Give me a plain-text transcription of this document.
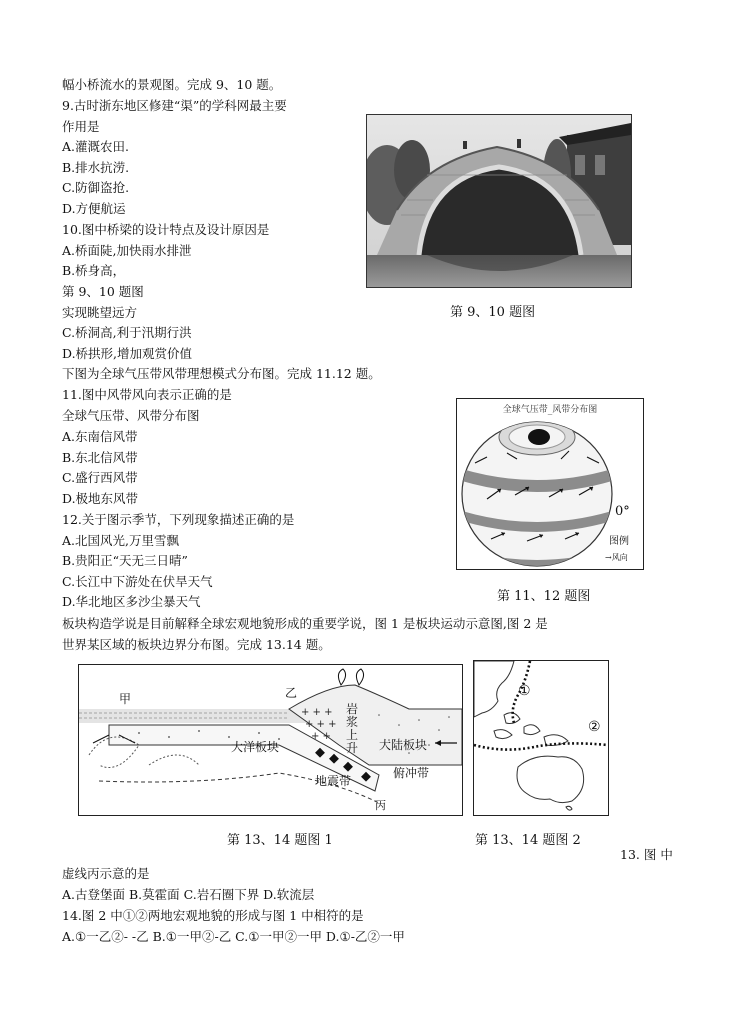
幅小桥流水的景观图。完成 9、10 题。
9.古时浙东地区修建“渠”的学科网最主要
作用是
A.灌溉农田.
B.排水抗涝.
C.防御盗抢.
D.方便航运
10.图中桥梁的设计特点及设计原因是
A.桥面陡,加快雨水排泄
B.桥身高，
第 9、10 题图
实现眺望远方
C.桥洞高,利于汛期行洪
D.桥拱形,增加观赏价值
下图为全球气压带风带理想模式分布图。完成 11.12 题。
11.图中风带风向表示正确的是
全球气压带、风带分布图
A.东南信风带
B.东北信风带
C.盛行西风带
D.极地东风带
12.关于图示季节，下列现象描述正确的是
A.北国风光,万里雪飘
B.贵阳正“天无三日晴”
C.长江中下游处在伏旱天气
D.华北地区多沙尘暴天气
板块构造学说是目前解释全球宏观地貌形成的重要学说，图 1 是板块运动示意图,图 2 是
世界某区域的板块边界分布图。完成 13.14 题。
第 9、10 题图
全球气压带_风带分布图
0°
图例
→风向
第 11、12 题图
+ + +
+ + +
+ +
甲	乙
丙
大洋板块	大陆板块
地震带
俯冲带
岩浆上升
第 13、14 题图 1
①
②
第 13、14 题图 2
13. 图 中
虚线丙示意的是
A.古登堡面 B.莫霍面 C.岩石圈下界 D.软流层
14.图 2 中①②两地宏观地貌的形成与图 1 中相符的是
A.①一乙②- -乙 B.①一甲②-乙 C.①一甲②一甲 D.①-乙②一甲
